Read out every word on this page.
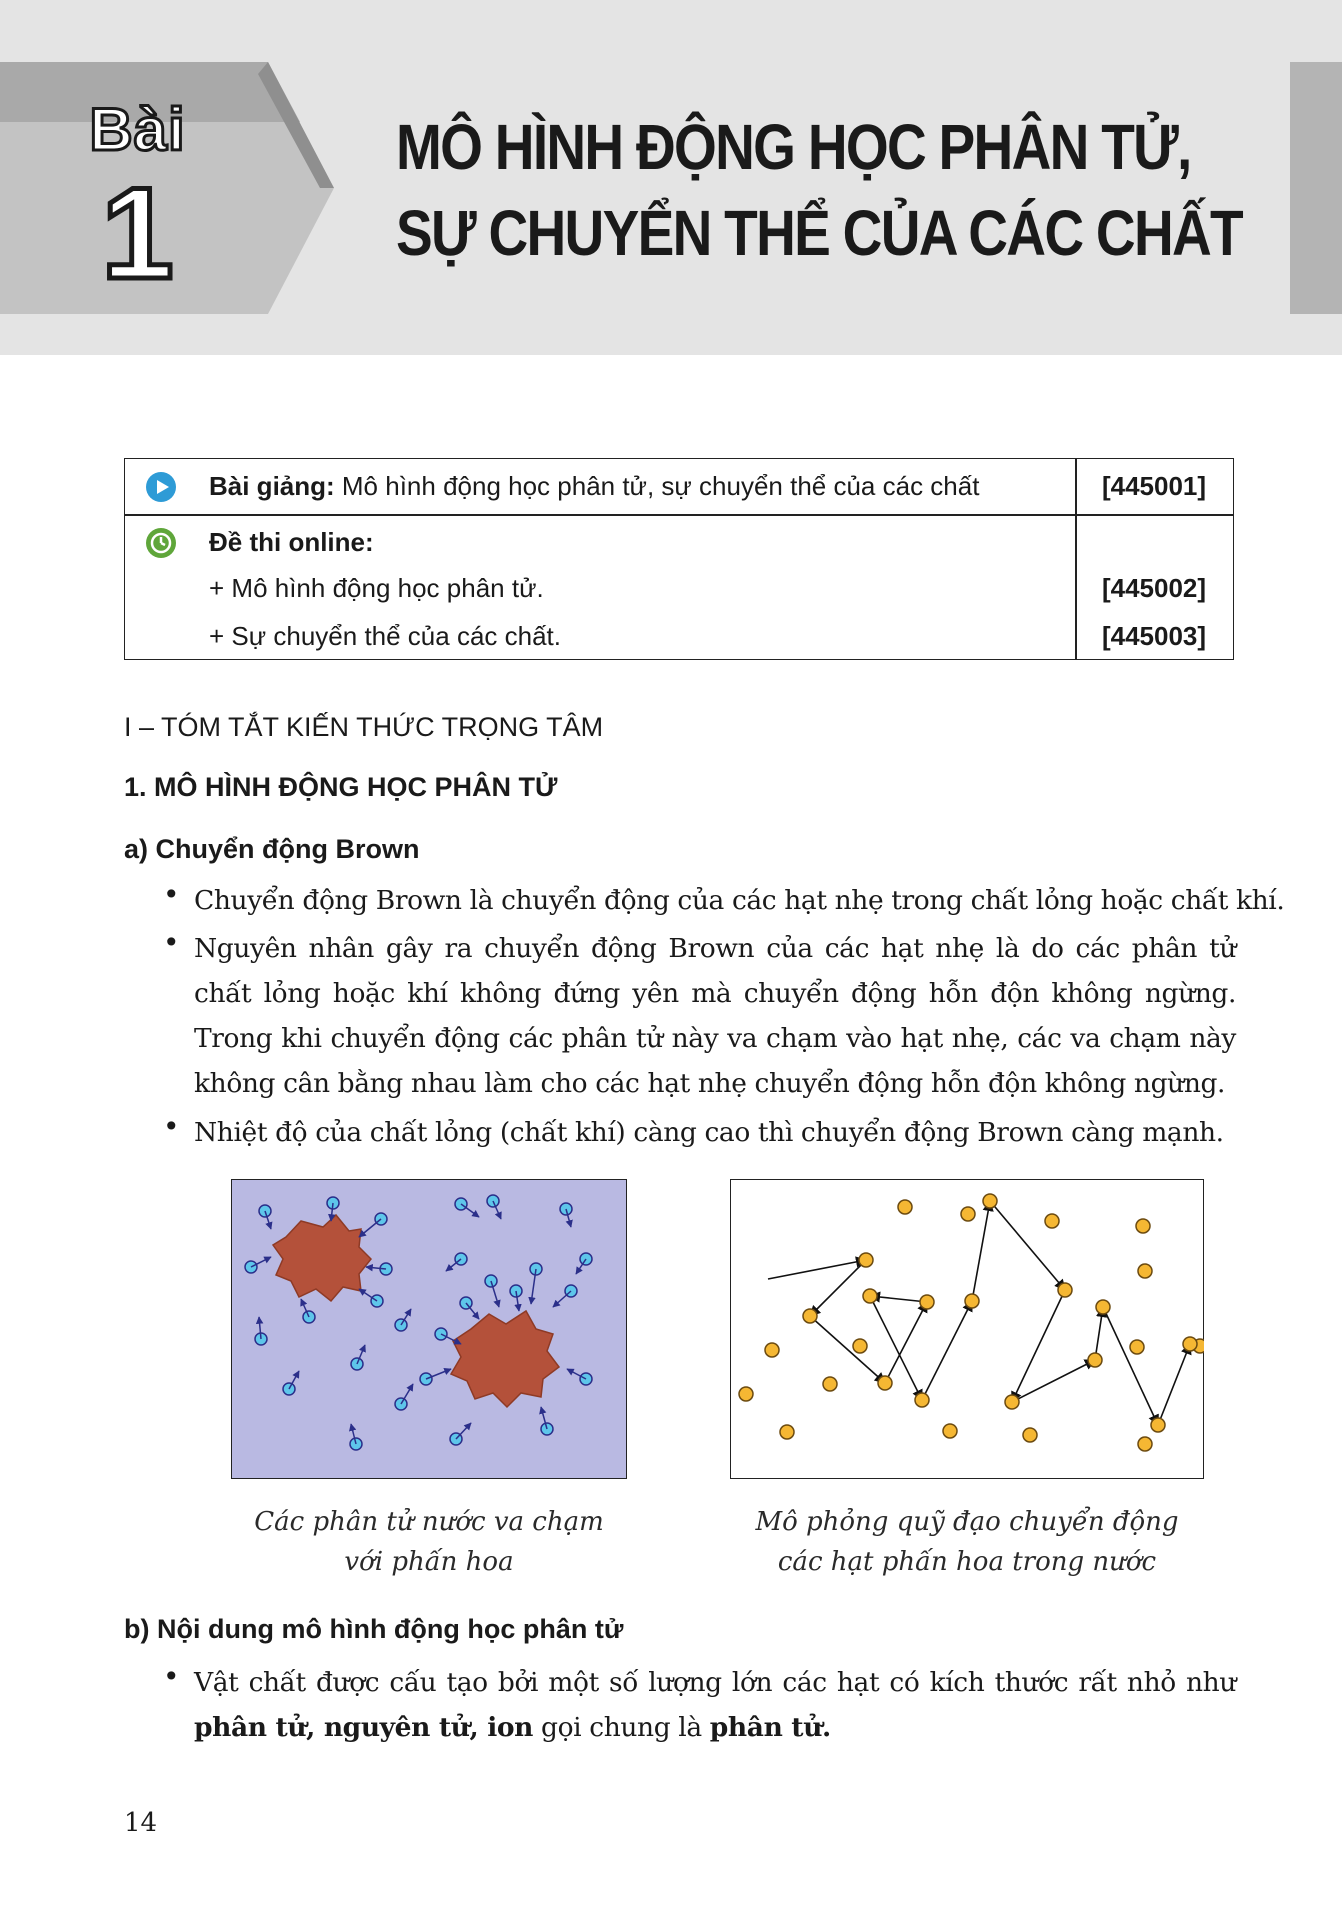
Bài
1
MÔ HÌNH ĐỘNG HỌC PHÂN TỬ,
SỰ CHUYỂN THỂ CỦA CÁC CHẤT
Bài giảng: Mô hình động học phân tử, sự chuyển thể của các chất	[445001]
Đề thi online:
+ Mô hình động học phân tử.	[445002]
+ Sự chuyển thể của các chất.	[445003]
I – TÓM TẮT KIẾN THỨC TRỌNG TÂM
1. MÔ HÌNH ĐỘNG HỌC PHÂN TỬ
a) Chuyển động Brown
• Chuyển động Brown là chuyển động của các hạt nhẹ trong chất lỏng hoặc chất khí.
• Nguyên nhân gây ra chuyển động Brown của các hạt nhẹ là do các phân tử chất lỏng hoặc khí không đứng yên mà chuyển động hỗn độn không ngừng. Trong khi chuyển động các phân tử này va chạm vào hạt nhẹ, các va chạm này không cân bằng nhau làm cho các hạt nhẹ chuyển động hỗn độn không ngừng.
• Nhiệt độ của chất lỏng (chất khí) càng cao thì chuyển động Brown càng mạnh.
Các phân tử nước va chạm
với phấn hoa
Mô phỏng quỹ đạo chuyển động
các hạt phấn hoa trong nước
b) Nội dung mô hình động học phân tử
• Vật chất được cấu tạo bởi một số lượng lớn các hạt có kích thước rất nhỏ như phân tử, nguyên tử, ion gọi chung là phân tử.
14
